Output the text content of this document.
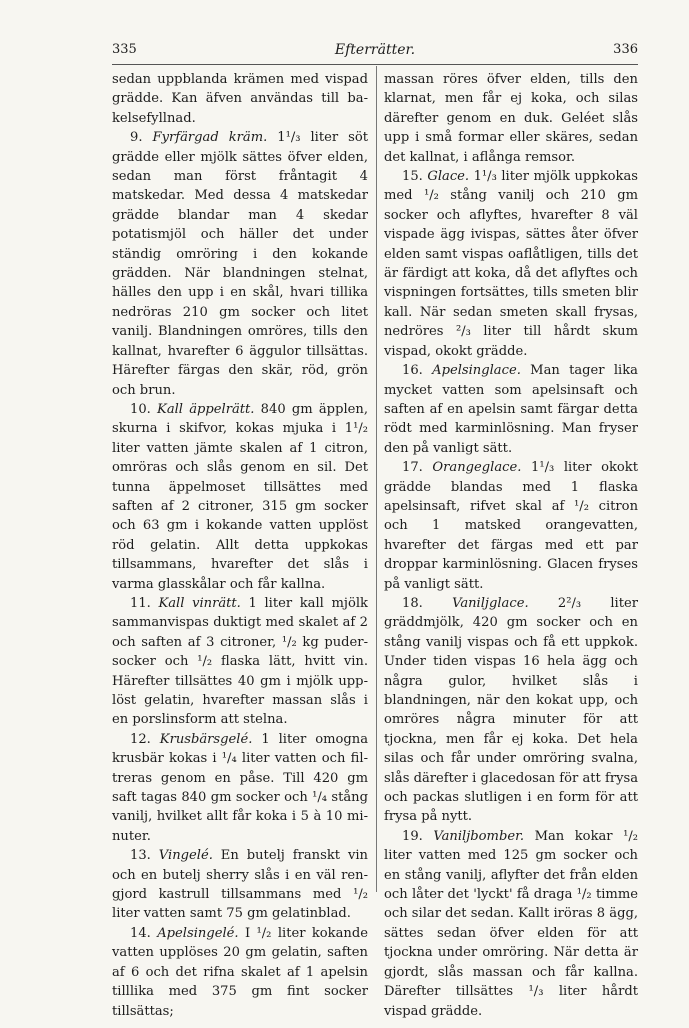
335	Efterrätter.	336

sedan uppblanda krämen med vispad grädde. Kan äfven användas till bakelsefyllnad.

9. Fyrfärgad kräm. 1¹/₃ liter söt grädde eller mjölk sättes öfver elden, sedan man först fråntagit 4 matskedar. Med dessa 4 matskedar grädde blandar man 4 skedar potatismjöl och häller det under ständig omröring i den kokande grädden. När blandningen stelnat, hälles den upp i en skål, hvari tillika nedröras 210 gm socker och litet vanilj. Blandningen omröres, tills den kallnat, hvarefter 6 äggulor tillsättas. Härefter färgas den skär, röd, grön och brun.

10. Kall äppelrätt. 840 gm äpplen, skurna i skifvor, kokas mjuka i 1¹/₂ liter vatten jämte skalen af 1 citron, omröras och slås genom en sil. Det tunna äppelmoset tillsättes med saften af 2 citroner, 315 gm socker och 63 gm i kokande vatten upplöst röd gelatin. Allt detta uppkokas tillsammans, hvarefter det slås i varma glasskålar och får kallna.

11. Kall vinrätt. 1 liter kall mjölk sammanvispas duktigt med skalet af 2 och saften af 3 citroner, ¹/₂ kg pudersocker och ¹/₂ flaska lätt, hvitt vin. Härefter tillsättes 40 gm i mjölk upplöst gelatin, hvarefter massan slås i en porslinsform att stelna.

12. Krusbärsgelé. 1 liter omogna krusbär kokas i ¹/₄ liter vatten och filtreras genom en påse. Till 420 gm saft tagas 840 gm socker och ¹/₄ stång vanilj, hvilket allt får koka i 5 à 10 minuter.

13. Vingelé. En butelj franskt vin och en butelj sherry slås i en väl rengjord kastrull tillsammans med ¹/₂ liter vatten samt 75 gm gelatinblad.

14. Apelsingelé. I ¹/₂ liter kokande vatten upplöses 20 gm gelatin, saften af 6 och det rifna skalet af 1 apelsin tilllika med 375 gm fint socker tillsättas;

massan röres öfver elden, tills den klarnat, men får ej koka, och silas därefter genom en duk. Geléet slås upp i små formar eller skäres, sedan det kallnat, i aflånga remsor.

15. Glace. 1¹/₃ liter mjölk uppkokas med ¹/₂ stång vanilj och 210 gm socker och aflyftes, hvarefter 8 väl vispade ägg ivispas, sättes åter öfver elden samt vispas oaflåtligen, tills det är färdigt att koka, då det aflyftes och vispningen fortsättes, tills smeten blir kall. När sedan smeten skall frysas, nedröres ²/₃ liter till hårdt skum vispad, okokt grädde.

16. Apelsinglace. Man tager lika mycket vatten som apelsinsaft och saften af en apelsin samt färgar detta rödt med karminlösning. Man fryser den på vanligt sätt.

17. Orangeglace. 1¹/₃ liter okokt grädde blandas med 1 flaska apelsinsaft, rifvet skal af ¹/₂ citron och 1 matsked orangevatten, hvarefter det färgas med ett par droppar karminlösning. Glacen fryses på vanligt sätt.

18. Vaniljglace. 2²/₃ liter gräddmjölk, 420 gm socker och en stång vanilj vispas och få ett uppkok. Under tiden vispas 16 hela ägg och några gulor, hvilket slås i blandningen, när den kokat upp, och omröres några minuter för att tjockna, men får ej koka. Det hela silas och får under omröring svalna, slås därefter i glacedosan för att frysa och packas slutligen i en form för att frysa på nytt.

19. Vaniljbomber. Man kokar ¹/₂ liter vatten med 125 gm socker och en stång vanilj, aflyfter det från elden och låter det 'lyckt' få draga ¹/₂ timme och silar det sedan. Kallt iröras 8 ägg, sättes sedan öfver elden för att tjockna under omröring. När detta är gjordt, slås massan och får kallna. Därefter tillsättes ¹/₃ liter hårdt vispad grädde.
